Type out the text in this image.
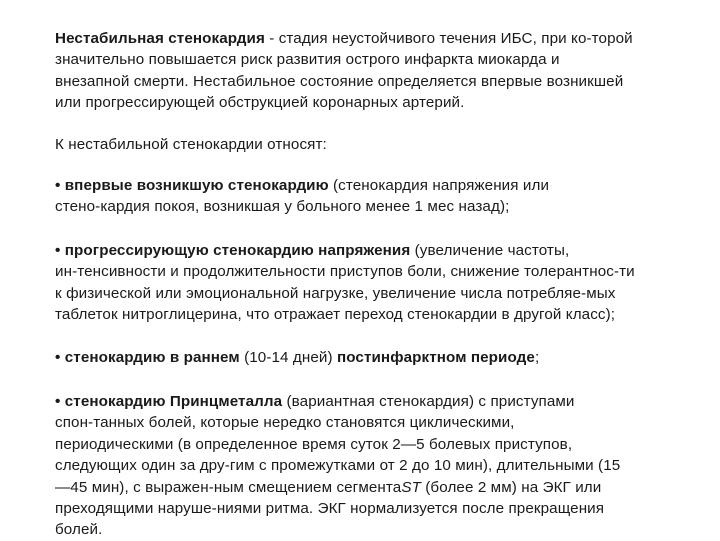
Нестабильная стенокардия - стадия неустойчивого течения ИБС, при ко-торой
значительно повышается риск развития острого инфаркта миокарда и
внезапной смерти. Нестабильное состояние определяется впервые возникшей
или прогрессирующей обструкцией коронарных артерий.

К нестабильной стенокардии относят:

• впервые возникшую стенокардию (стенокардия напряжения или
стено-кардия покоя, возникшая у больного менее 1 мес назад);

• прогрессирующую стенокардию напряжения (увеличение частоты,
ин-тенсивности и продолжительности приступов боли, снижение толерантнос-ти
к физической или эмоциональной нагрузке, увеличение числа потребляе-мых
таблеток нитроглицерина, что отражает переход стенокардии в другой класс);

• стенокардию в раннем (10-14 дней) постинфарктном периоде;

• стенокардию Принцметалла (вариантная стенокардия) с приступами
спон-танных болей, которые нередко становятся циклическими,
периодическими (в определенное время суток 2—5 болевых приступов,
следующих один за дру-гим с промежутками от 2 до 10 мин), длительными (15
—45 мин), с выражен-ным смещением сегментаST (более 2 мм) на ЭКГ или
преходящими наруше-ниями ритма. ЭКГ нормализуется после прекращения
болей.
